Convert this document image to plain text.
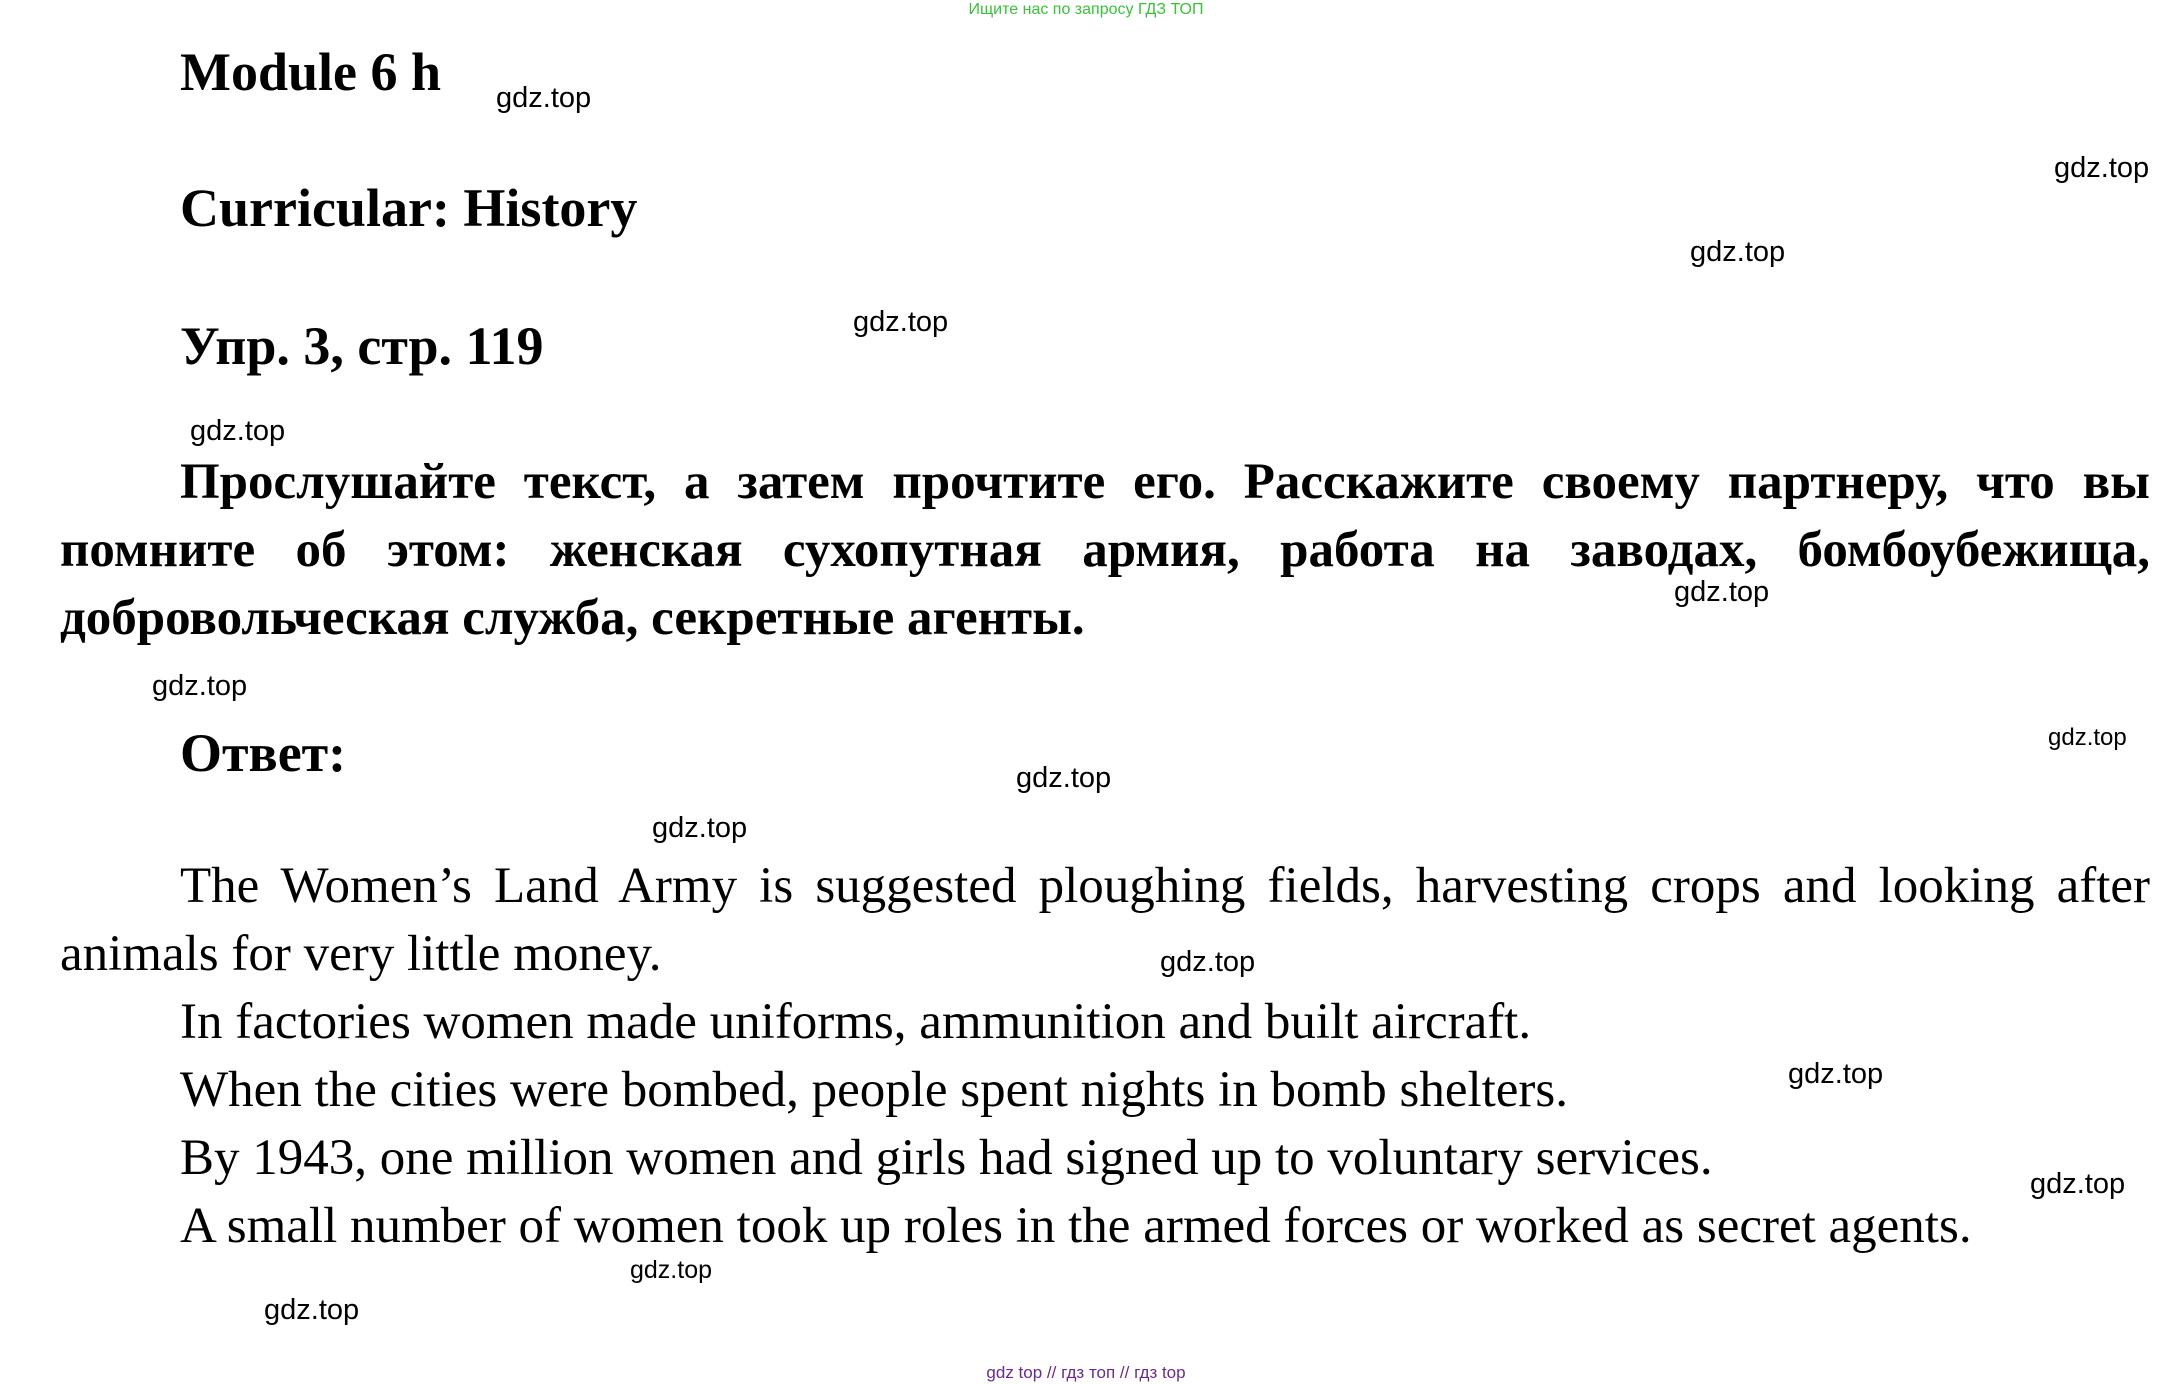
Ищите нас по запросу ГДЗ ТОП
Module 6 h
Curricular: History
Упр. 3, стр. 119

Прослушайте текст, а затем прочтите его. Расскажите своему партнеру, что вы помните об этом: женская сухопутная армия, работа на заводах, бомбоубежища, добровольческая служба, секретные агенты.

Ответ:

The Women’s Land Army is suggested ploughing fields, harvesting crops and looking after animals for very little money.

In factories women made uniforms, ammunition and built aircraft.

When the cities were bombed, people spent nights in bomb shelters.

By 1943, one million women and girls had signed up to voluntary services.

A small number of women took up roles in the armed forces or worked as secret agents.

gdz.top
gdz.top
gdz.top
gdz.top
gdz.top
gdz.top
gdz.top
gdz.top
gdz.top
gdz.top
gdz.top
gdz.top
gdz.top
gdz.top
gdz.top
gdz top // гдз топ // гдз top
